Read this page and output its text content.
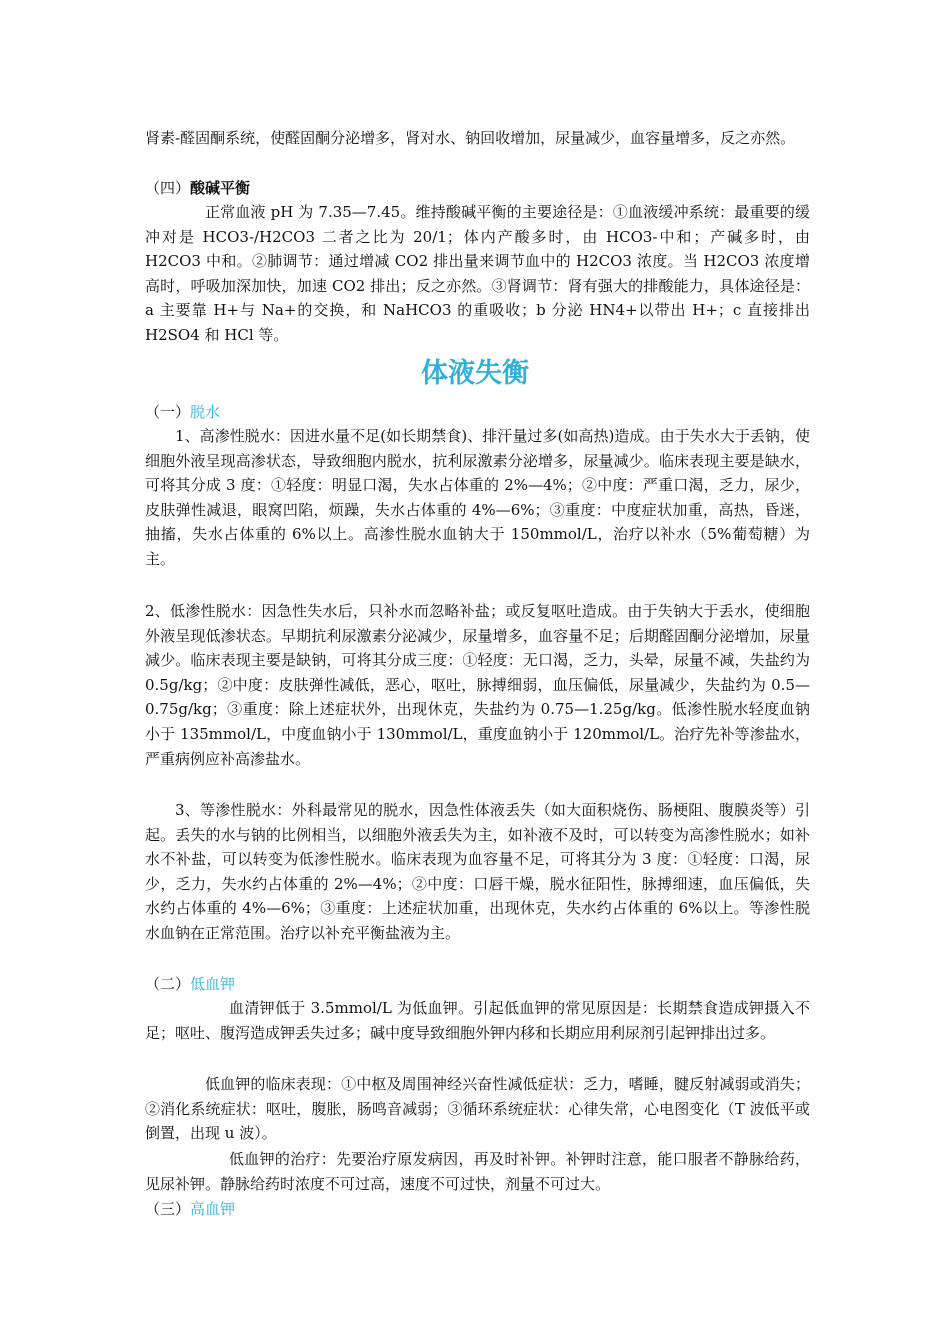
肾素-醛固酮系统，使醛固酮分泌增多，肾对水、钠回收增加，尿量减少，血容量增多，反之亦然。

（四）酸碱平衡

正常血液 pH 为 7.35—7.45。维持酸碱平衡的主要途径是：①血液缓冲系统：最重要的缓冲对是 HCO3-/H2CO3 二者之比为 20/1；体内产酸多时，由 HCO3-中和；产碱多时，由 H2CO3 中和。②肺调节：通过增减 CO2 排出量来调节血中的 H2CO3 浓度。当 H2CO3 浓度增高时，呼吸加深加快，加速 CO2 排出；反之亦然。③肾调节：肾有强大的排酸能力，具体途径是：a 主要靠 H+与 Na+的交换，和 NaHCO3 的重吸收；b 分泌 HN4+以带出 H+；c 直接排出 H2SO4 和 HCl 等。

体液失衡
（一）脱水

1、高渗性脱水：因进水量不足(如长期禁食)、排汗量过多(如高热)造成。由于失水大于丢钠，使细胞外液呈现高渗状态，导致细胞内脱水，抗利尿激素分泌增多，尿量减少。临床表现主要是缺水，可将其分成 3 度：①轻度：明显口渴，失水占体重的 2%—4%；②中度：严重口渴，乏力，尿少，皮肤弹性减退，眼窝凹陷，烦躁，失水占体重的 4%—6%；③重度：中度症状加重，高热，昏迷，抽搐，失水占体重的 6%以上。高渗性脱水血钠大于 150mmol/L，治疗以补水（5%葡萄糖）为主。

2、低渗性脱水：因急性失水后，只补水而忽略补盐；或反复呕吐造成。由于失钠大于丢水，使细胞外液呈现低渗状态。早期抗利尿激素分泌减少，尿量增多，血容量不足；后期醛固酮分泌增加，尿量减少。临床表现主要是缺钠，可将其分成三度：①轻度：无口渴，乏力，头晕，尿量不减，失盐约为 0.5g/kg；②中度：皮肤弹性减低，恶心，呕吐，脉搏细弱，血压偏低，尿量减少，失盐约为 0.5—0.75g/kg；③重度：除上述症状外，出现休克，失盐约为 0.75—1.25g/kg。低渗性脱水轻度血钠小于 135mmol/L，中度血钠小于 130mmol/L，重度血钠小于 120mmol/L。治疗先补等渗盐水，严重病例应补高渗盐水。

3、等渗性脱水：外科最常见的脱水，因急性体液丢失（如大面积烧伤、肠梗阻、腹膜炎等）引起。丢失的水与钠的比例相当，以细胞外液丢失为主，如补液不及时，可以转变为高渗性脱水；如补水不补盐，可以转变为低渗性脱水。临床表现为血容量不足，可将其分为 3 度：①轻度：口渴，尿少，乏力，失水约占体重的 2%—4%；②中度：口唇干燥，脱水征阳性，脉搏细速，血压偏低，失水约占体重的 4%—6%；③重度：上述症状加重，出现休克，失水约占体重的 6%以上。等渗性脱水血钠在正常范围。治疗以补充平衡盐液为主。

（二）低血钾

血清钾低于 3.5mmol/L 为低血钾。引起低血钾的常见原因是：长期禁食造成钾摄入不足；呕吐、腹泻造成钾丢失过多；碱中度导致细胞外钾内移和长期应用利尿剂引起钾排出过多。

低血钾的临床表现：①中枢及周围神经兴奋性减低症状：乏力，嗜睡，腱反射减弱或消失；②消化系统症状：呕吐，腹胀，肠鸣音减弱；③循环系统症状：心律失常，心电图变化（T 波低平或倒置，出现 u 波）。

低血钾的治疗：先要治疗原发病因，再及时补钾。补钾时注意，能口服者不静脉给药，见尿补钾。静脉给药时浓度不可过高，速度不可过快，剂量不可过大。

（三）高血钾
